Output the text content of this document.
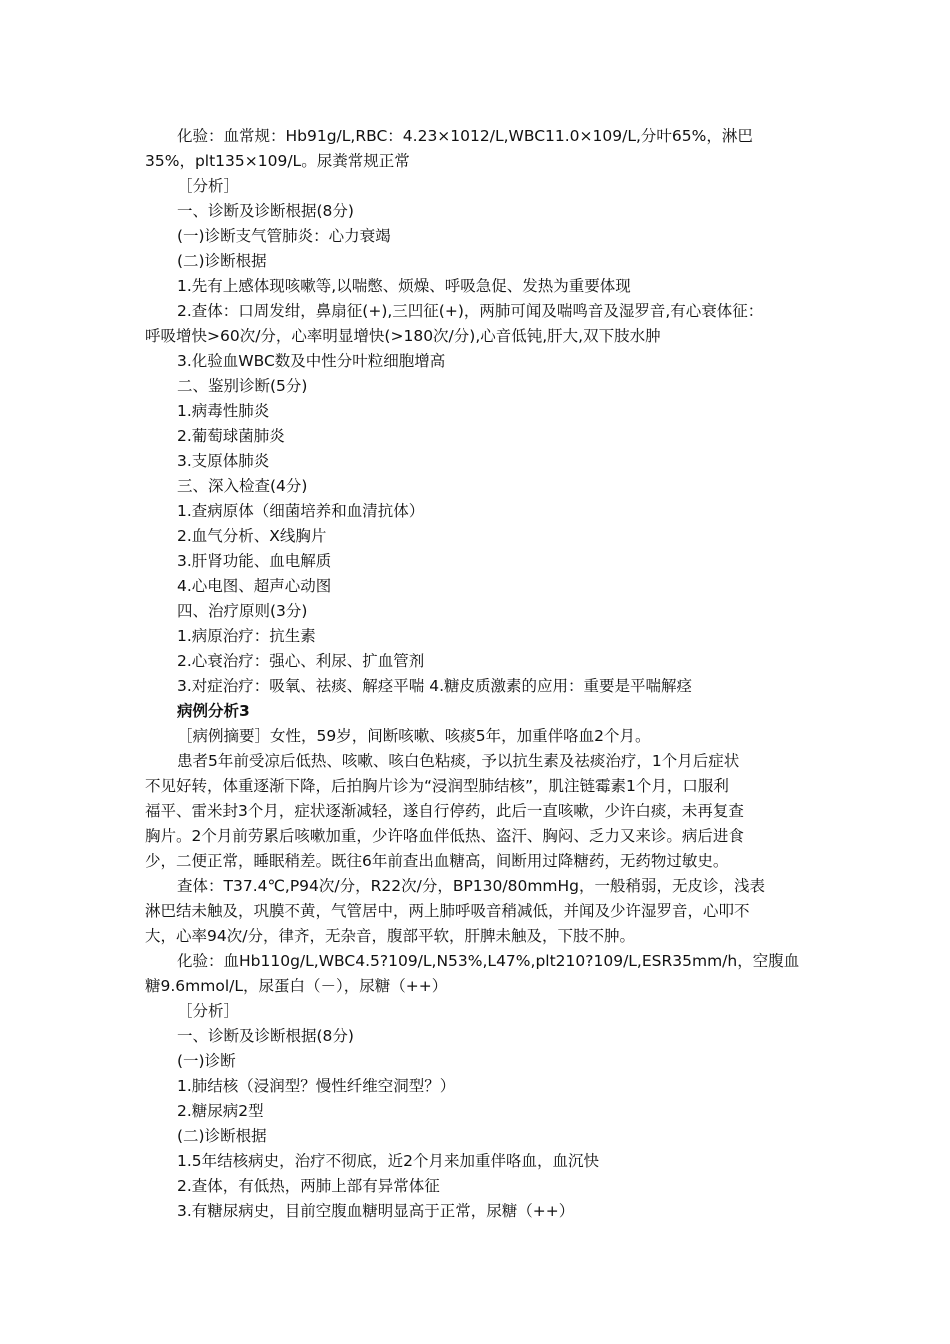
化验：血常规：Hb91g/L,RBC：4.23×1012/L,WBC11.0×109/L,分叶65%，淋巴
35%，plt135×109/L。尿粪常规正常
［分析］
一、诊断及诊断根据(8分)
(一)诊断支气管肺炎：心力衰竭
(二)诊断根据
1.先有上感体现咳嗽等,以喘憋、烦燥、呼吸急促、发热为重要体现
2.查体：口周发绀，鼻扇征(+),三凹征(+)，两肺可闻及喘鸣音及湿罗音,有心衰体征：
呼吸增快>60次/分，心率明显增快(>180次/分),心音低钝,肝大,双下肢水肿
3.化验血WBC数及中性分叶粒细胞增高
二、鉴别诊断(5分)
1.病毒性肺炎
2.葡萄球菌肺炎
3.支原体肺炎
三、深入检查(4分)
1.查病原体（细菌培养和血清抗体）
2.血气分析、X线胸片
3.肝肾功能、血电解质
4.心电图、超声心动图
四、治疗原则(3分)
1.病原治疗：抗生素
2.心衰治疗：强心、利尿、扩血管剂
3.对症治疗：吸氧、祛痰、解痉平喘 4.糖皮质激素的应用：重要是平喘解痉
病例分析3
［病例摘要］女性，59岁，间断咳嗽、咳痰5年，加重伴咯血2个月。
患者5年前受凉后低热、咳嗽、咳白色粘痰，予以抗生素及祛痰治疗，1个月后症状
不见好转，体重逐渐下降，后拍胸片诊为“浸润型肺结核”，肌注链霉素1个月，口服利
福平、雷米封3个月，症状逐渐减轻，遂自行停药，此后一直咳嗽，少许白痰，未再复查
胸片。2个月前劳累后咳嗽加重，少许咯血伴低热、盗汗、胸闷、乏力又来诊。病后进食
少，二便正常，睡眠稍差。既往6年前查出血糖高，间断用过降糖药，无药物过敏史。
查体：T37.4℃,P94次/分，R22次/分，BP130/80mmHg，一般稍弱，无皮诊，浅表
淋巴结未触及，巩膜不黄，气管居中，两上肺呼吸音稍减低，并闻及少许湿罗音，心叩不
大，心率94次/分，律齐，无杂音，腹部平软，肝脾未触及，下肢不肿。
化验：血Hb110g/L,WBC4.5?109/L,N53%,L47%,plt210?109/L,ESR35mm/h，空腹血
糖9.6mmol/L，尿蛋白（－），尿糖（++）
［分析］
一、诊断及诊断根据(8分)
(一)诊断
1.肺结核（浸润型？慢性纤维空洞型？）
2.糖尿病2型
(二)诊断根据
1.5年结核病史，治疗不彻底，近2个月来加重伴咯血，血沉快
2.查体，有低热，两肺上部有异常体征
3.有糖尿病史，目前空腹血糖明显高于正常，尿糖（++）
